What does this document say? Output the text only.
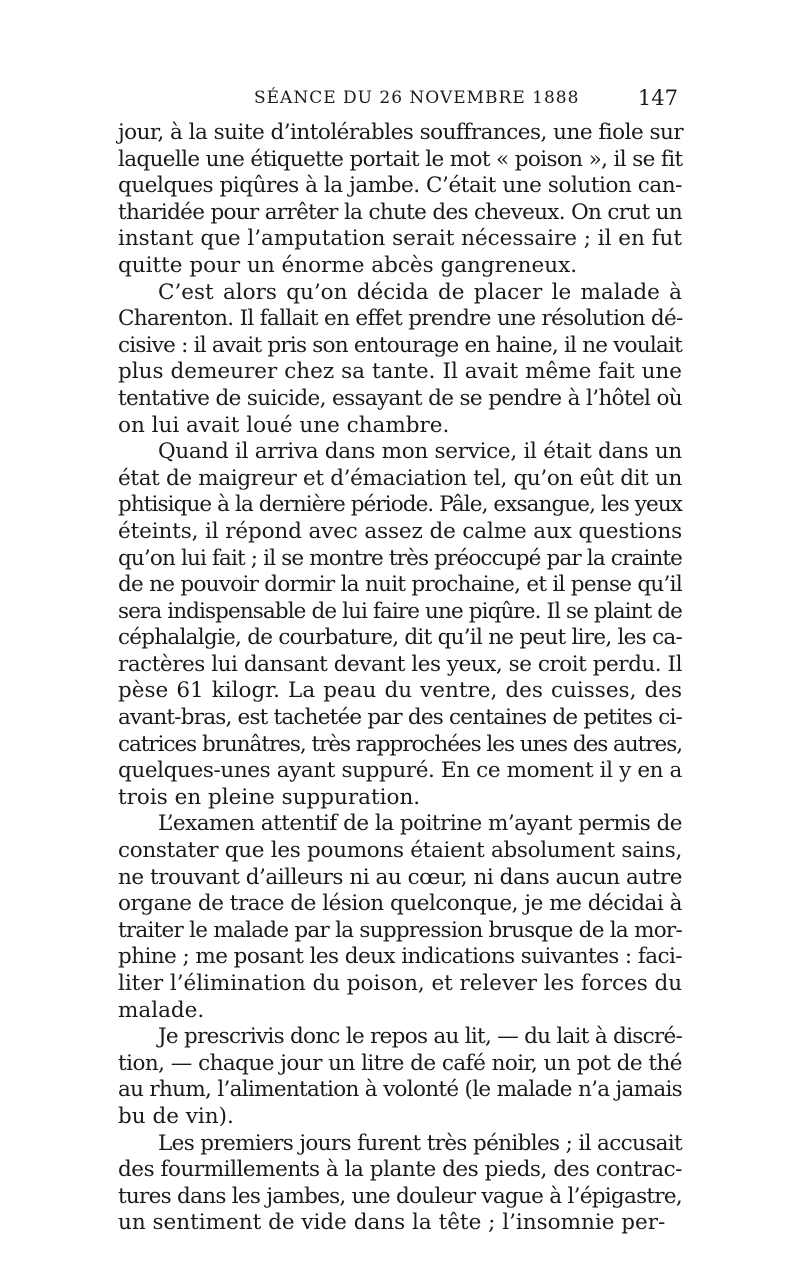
SÉANCE DU 26 NOVEMBRE 1888	147
jour, à la suite d’intolérables souffrances, une fiole sur
laquelle une étiquette portait le mot « poison », il se fit
quelques piqûres à la jambe. C’était une solution can-
tharidée pour arrêter la chute des cheveux. On crut un
instant que l’amputation serait nécessaire ; il en fut
quitte pour un énorme abcès gangreneux.
C’est alors qu’on décida de placer le malade à
Charenton. Il fallait en effet prendre une résolution dé-
cisive : il avait pris son entourage en haine, il ne voulait
plus demeurer chez sa tante. Il avait même fait une
tentative de suicide, essayant de se pendre à l’hôtel où
on lui avait loué une chambre.
Quand il arriva dans mon service, il était dans un
état de maigreur et d’émaciation tel, qu’on eût dit un
phtisique à la dernière période. Pâle, exsangue, les yeux
éteints, il répond avec assez de calme aux questions
qu’on lui fait ; il se montre très préoccupé par la crainte
de ne pouvoir dormir la nuit prochaine, et il pense qu’il
sera indispensable de lui faire une piqûre. Il se plaint de
céphalalgie, de courbature, dit qu’il ne peut lire, les ca-
ractères lui dansant devant les yeux, se croit perdu. Il
pèse 61 kilogr. La peau du ventre, des cuisses, des
avant-bras, est tachetée par des centaines de petites ci-
catrices brunâtres, très rapprochées les unes des autres,
quelques-unes ayant suppuré. En ce moment il y en a
trois en pleine suppuration.
L’examen attentif de la poitrine m’ayant permis de
constater que les poumons étaient absolument sains,
ne trouvant d’ailleurs ni au cœur, ni dans aucun autre
organe de trace de lésion quelconque, je me décidai à
traiter le malade par la suppression brusque de la mor-
phine ; me posant les deux indications suivantes : faci-
liter l’élimination du poison, et relever les forces du
malade.
Je prescrivis donc le repos au lit, — du lait à discré-
tion, — chaque jour un litre de café noir, un pot de thé
au rhum, l’alimentation à volonté (le malade n’a jamais
bu de vin).
Les premiers jours furent très pénibles ; il accusait
des fourmillements à la plante des pieds, des contrac-
tures dans les jambes, une douleur vague à l’épigastre,
un sentiment de vide dans la tête ; l’insomnie per-
